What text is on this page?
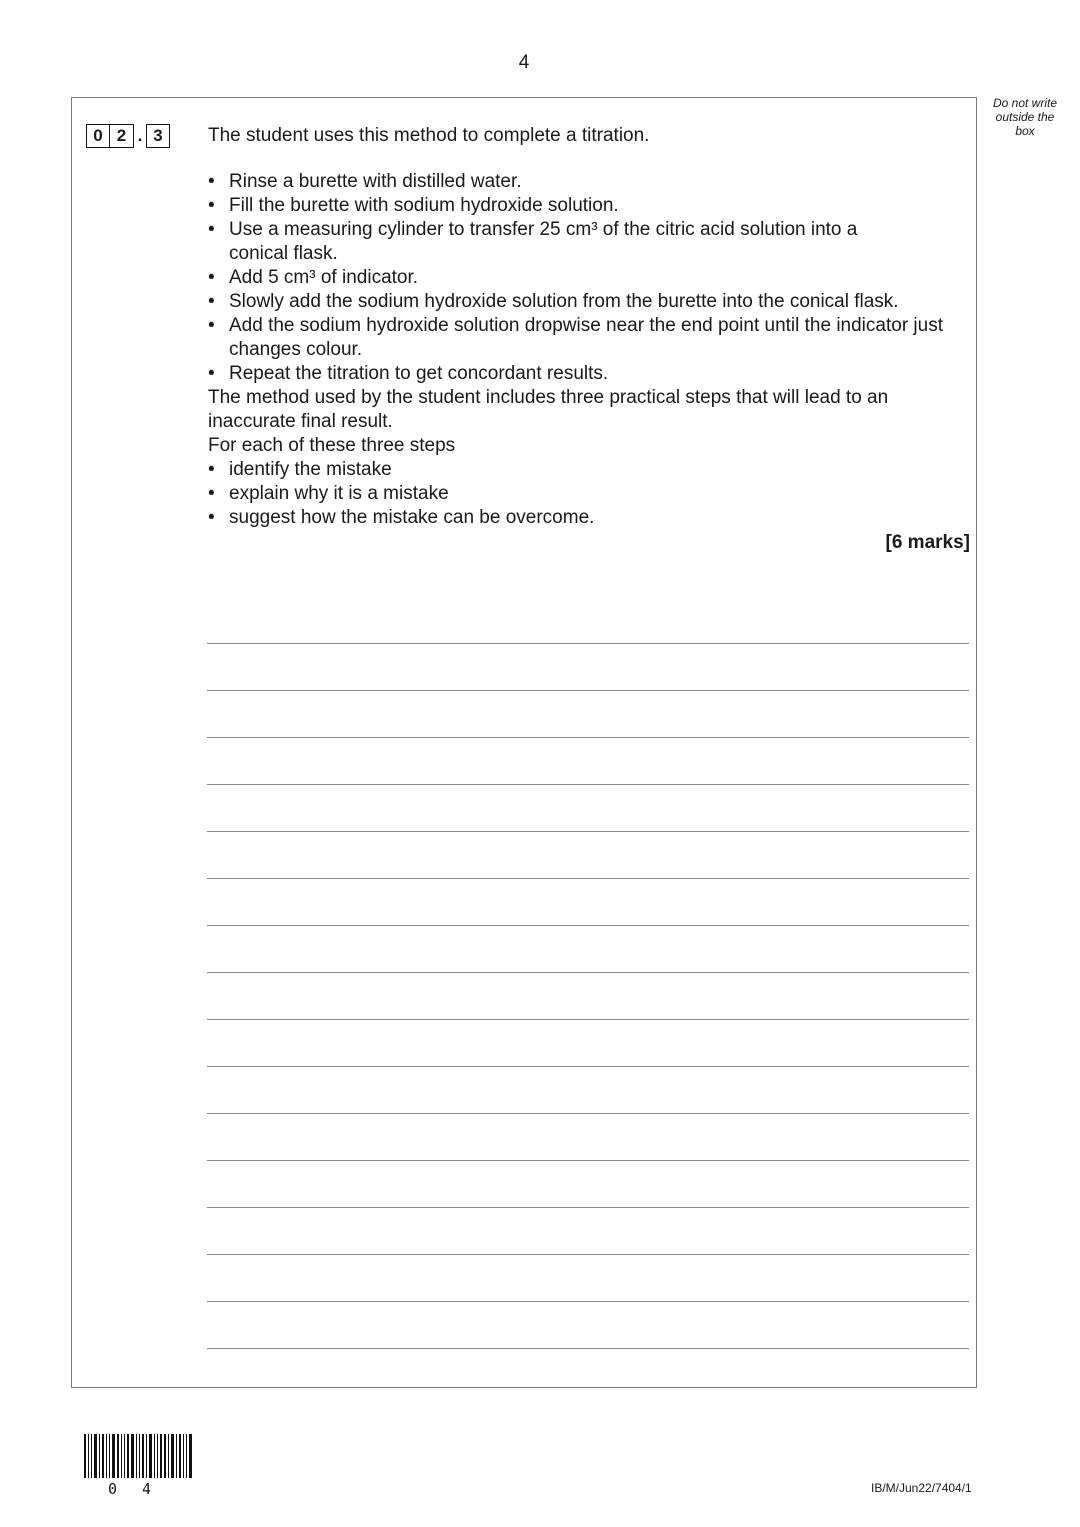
4
Do not write
outside the
box
0 2 . 3	The student uses this method to complete a titration.

• Rinse a burette with distilled water.
• Fill the burette with sodium hydroxide solution.
• Use a measuring cylinder to transfer 25 cm³ of the citric acid solution into a conical flask.
• Add 5 cm³ of indicator.
• Slowly add the sodium hydroxide solution from the burette into the conical flask.
• Add the sodium hydroxide solution dropwise near the end point until the indicator just changes colour.
• Repeat the titration to get concordant results.

The method used by the student includes three practical steps that will lead to an inaccurate final result.

For each of these three steps

• identify the mistake
• explain why it is a mistake
• suggest how the mistake can be overcome.
[6 marks]
0 4	IB/M/Jun22/7404/1
